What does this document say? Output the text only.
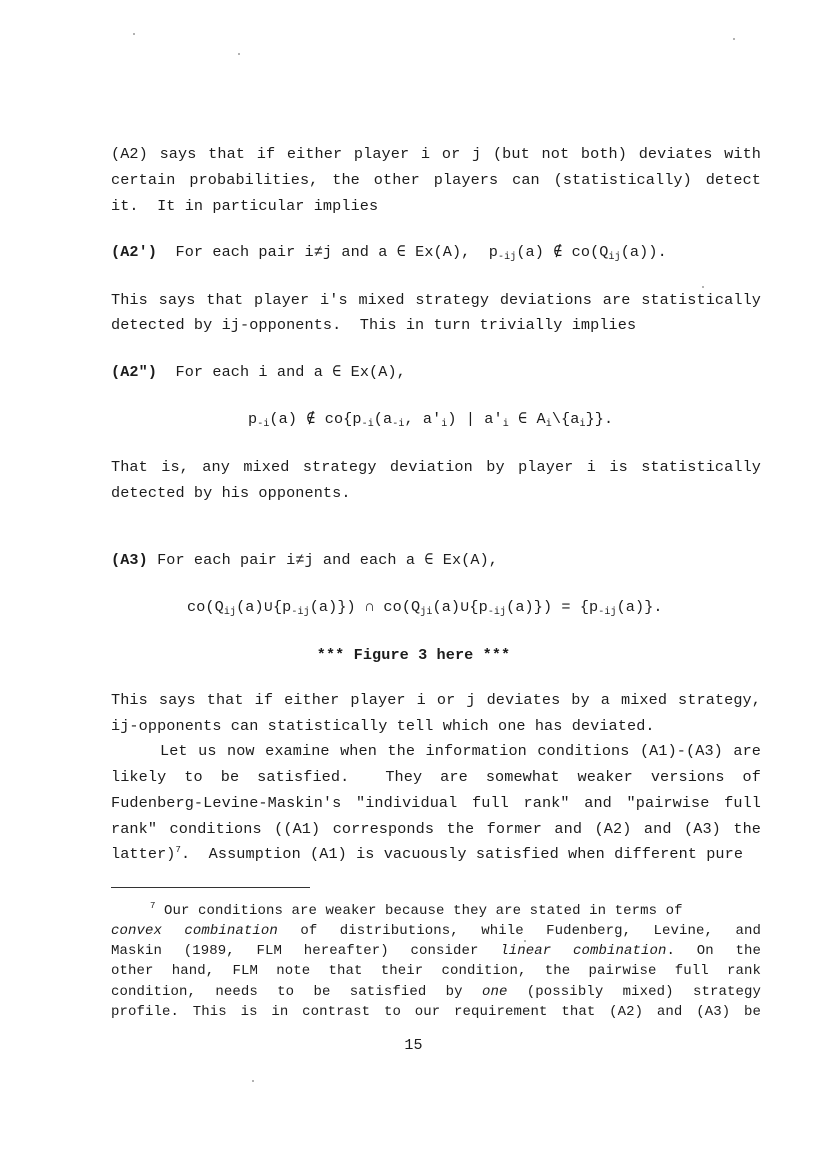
(A2) says that if either player i or j (but not both) deviates with
certain probabilities, the other players can (statistically) detect
it.  It in particular implies
(A2')  For each pair i≠j and a ∈ Ex(A),  $p_{-ij}(a)$ ∉ $co(Q_{ij}(a))$.
This says that player i's mixed strategy deviations are statistically
detected by ij-opponents.  This in turn trivially implies
(A2")  For each i and a ∈ Ex(A),
$p_{-i}(a)$ ∉ $co\{p_{-i}(a_{-i}$, $a'_i$) | $a'_i$ ∈ $A_i\backslash\{a_i\}$}.
That is, any mixed strategy deviation by player i is statistically
detected by his opponents.
(A3) For each pair i≠j and each a ∈ Ex(A),
$co(Q_{ij}(a)\cup\{p_{-ij}(a)\})$ ∩ $co(Q_{ji}(a)\cup\{p_{-ij}(a)\}) = \{p_{-ij}(a)\}$.
*** Figure 3 here ***
This says that if either player i or j deviates by a mixed strategy,
ij-opponents can statistically tell which one has deviated.
Let us now examine when the information conditions (A1)-(A3) are
likely to be satisfied.  They are somewhat weaker versions of
Fudenberg-Levine-Maskin's "individual full rank" and "pairwise full
rank" conditions ((A1) corresponds the former and (A2) and (A3) the
latter)$^7$.  Assumption (A1) is vacuously satisfied when different pure
$^7$ Our conditions are weaker because they are stated in terms of
convex combination of distributions, while Fudenberg, Levine, and
Maskin (1989, FLM hereafter) consider linear combination. On the
other hand, FLM note that their condition, the pairwise full rank
condition, needs to be satisfied by one (possibly mixed) strategy
profile. This is in contrast to our requirement that (A2) and (A3) be
15
